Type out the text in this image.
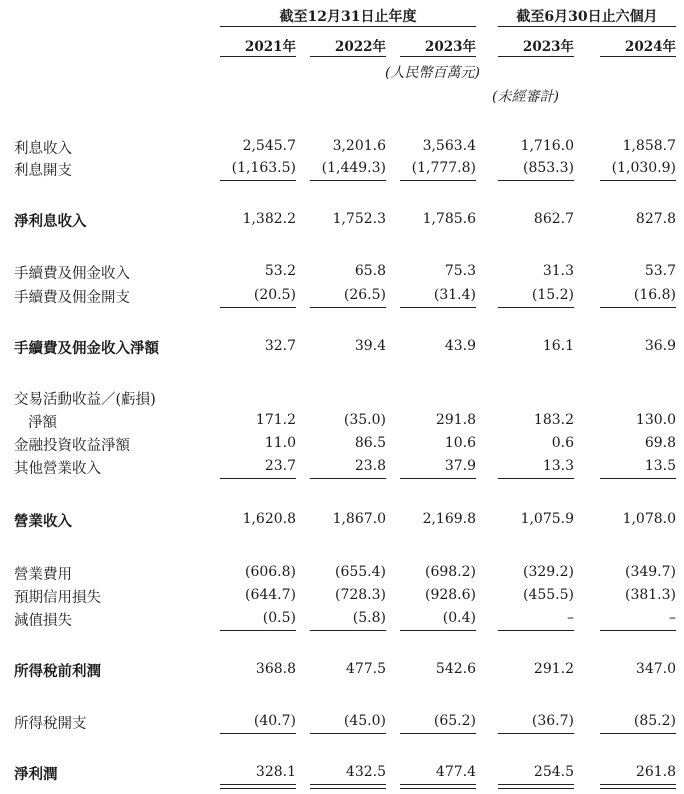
截至12月31日止年度	截至6月30日止六個月
(人民幣百萬元)
(未經審計)
2021年	2022年	2023年	2023年	2024年
利息收入	2,545.7	3,201.6	3,563.4	1,716.0	1,858.7
利息開支	(1,163.5)	(1,449.3)	(1,777.8)	(853.3)	(1,030.9)
淨利息收入	1,382.2	1,752.3	1,785.6	862.7	827.8
手續費及佣金收入	53.2	65.8	75.3	31.3	53.7
手續費及佣金開支	(20.5)	(26.5)	(31.4)	(15.2)	(16.8)
手續費及佣金收入淨額	32.7	39.4	43.9	16.1	36.9
交易活動收益／(虧損)
淨額	171.2	(35.0)	291.8	183.2	130.0
金融投資收益淨額	11.0	86.5	10.6	0.6	69.8
其他營業收入	23.7	23.8	37.9	13.3	13.5
營業收入	1,620.8	1,867.0	2,169.8	1,075.9	1,078.0
營業費用	(606.8)	(655.4)	(698.2)	(329.2)	(349.7)
預期信用損失	(644.7)	(728.3)	(928.6)	(455.5)	(381.3)
減值損失	(0.5)	(5.8)	(0.4)	–	–
所得稅前利潤	368.8	477.5	542.6	291.2	347.0
所得稅開支	(40.7)	(45.0)	(65.2)	(36.7)	(85.2)
淨利潤	328.1	432.5	477.4	254.5	261.8
